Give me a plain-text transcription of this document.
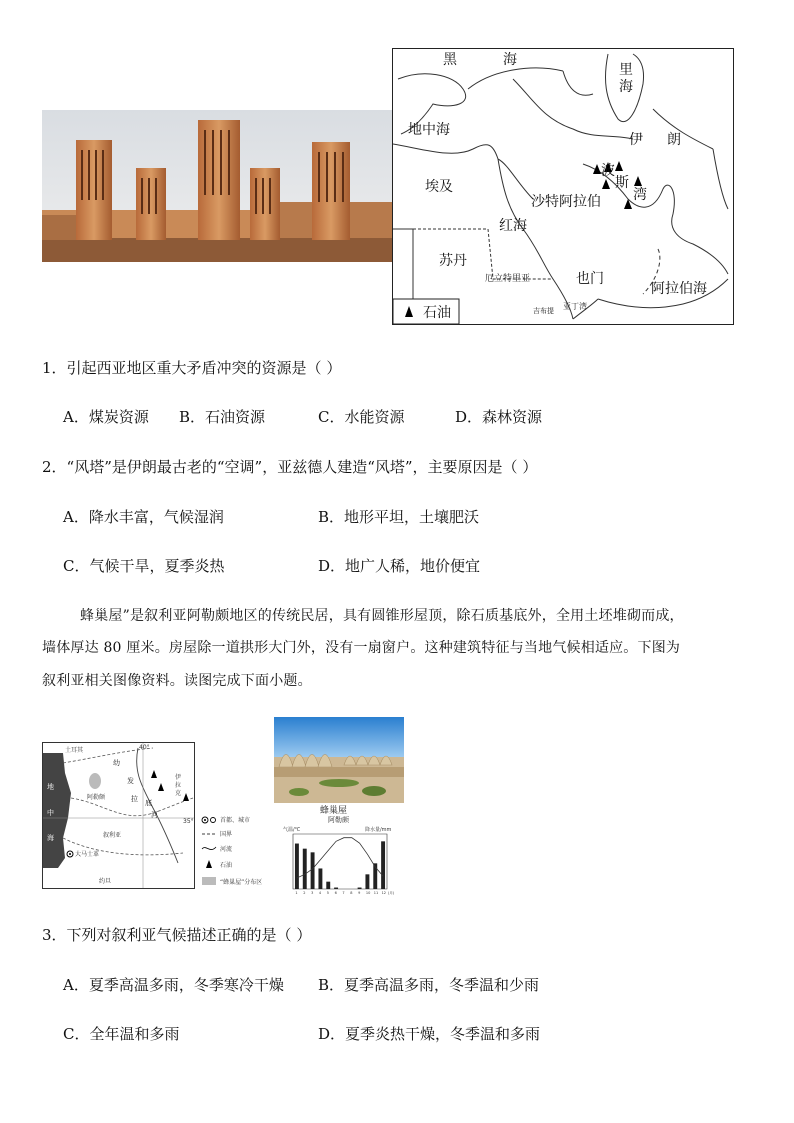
黑	海
里
海
地中海
伊 朗
波
斯
湾
埃及
沙特阿拉伯
红海
苏丹
厄立特里亚	也门
阿拉伯海
吉布提 亚丁湾
石油
1．引起西亚地区重大矛盾冲突的资源是（ ）
A．煤炭资源 B．石油资源	C．水能资源	D．森林资源
2．“风塔”是伊朗最古老的“空调”，亚兹德人建造“风塔”，主要原因是（ ）
A．降水丰富，气候湿润	B．地形平坦，土壤肥沃
C．气候干旱，夏季炎热	D．地广人稀，地价便宜
蜂巢屋”是叙利亚阿勒颇地区的传统民居，具有圆锥形屋顶，除石质基底外，全用土坯堆砌而成，
墙体厚达 80 厘米。房屋除一道拱形大门外，没有一扇窗户。这种建筑特征与当地气候相适应。下图为
叙利亚相关图像资料。读图完成下面小题。
土耳其
阿勒颇
地
中
海	叙利亚
大马士革
约旦
幼
发
拉 底
河
伊
拉
克
40°
35°	首都、城市
国界
河流
石油
“蜂巢屋”分布区
蜂巢屋
阿勒颇
气温/℃	降水量/mm
1 2 3 4 5 6 7 8 9 10 11 12 (月)
3．下列对叙利亚气候描述正确的是（ ）
A．夏季高温多雨，冬季寒冷干燥 B．夏季高温多雨，冬季温和少雨
C．全年温和多雨	D．夏季炎热干燥，冬季温和多雨
